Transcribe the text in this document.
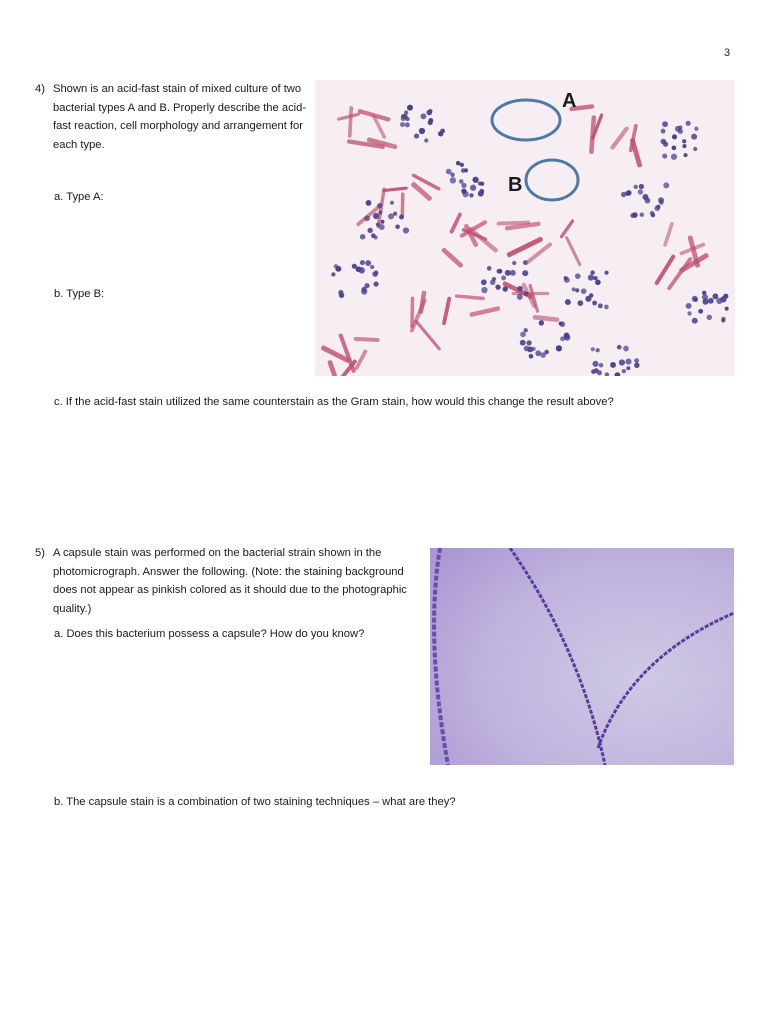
3
4) Shown is an acid-fast stain of mixed culture of two bacterial types A and B. Properly describe the acid-fast reaction, cell morphology and arrangement for each type.
a. Type A:
b. Type B:
c. If the acid-fast stain utilized the same counterstain as the Gram stain, how would this change the result above?
A
B
5) A capsule stain was performed on the bacterial strain shown in the photomicrograph. Answer the following. (Note: the staining background does not appear as pinkish colored as it should due to the photographic quality.)
a. Does this bacterium possess a capsule? How do you know?
b. The capsule stain is a combination of two staining techniques – what are they?
